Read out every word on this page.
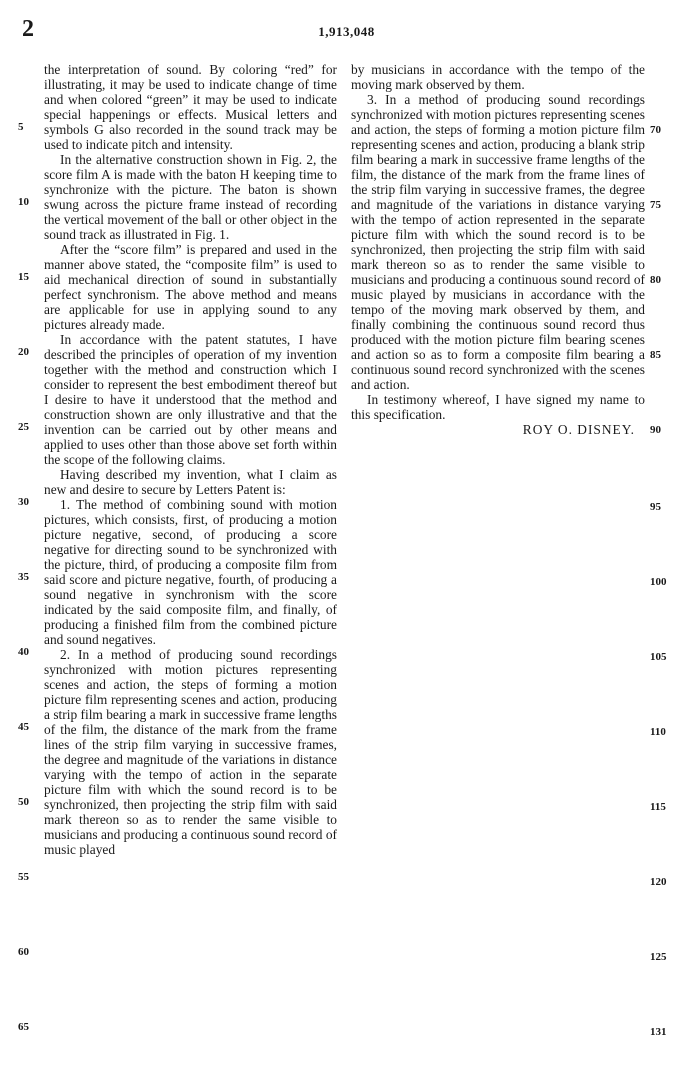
2	1,913,048

the interpretation of sound. By coloring “red” for illustrating, it may be used to indicate change of time and when colored “green” it may be used to indicate special happenings or effects. Musical letters and symbols G also recorded in the sound track may be used to indicate pitch and intensity.

In the alternative construction shown in Fig. 2, the score film A is made with the baton H keeping time to synchronize with the picture. The baton is shown swung across the picture frame instead of recording the vertical movement of the ball or other object in the sound track as illustrated in Fig. 1.

After the “score film” is prepared and used in the manner above stated, the “composite film” is used to aid mechanical direction of sound in substantially perfect synchronism. The above method and means are applicable for use in applying sound to any pictures already made.

In accordance with the patent statutes, I have described the principles of operation of my invention together with the method and construction which I consider to represent the best embodiment thereof but I desire to have it understood that the method and construction shown are only illustrative and that the invention can be carried out by other means and applied to uses other than those above set forth within the scope of the following claims.

Having described my invention, what I claim as new and desire to secure by Letters Patent is:

1. The method of combining sound with motion pictures, which consists, first, of producing a motion picture negative, second, of producing a score negative for directing sound to be synchronized with the picture, third, of producing a composite film from said score and picture negative, fourth, of producing a sound negative in synchronism with the score indicated by the said composite film, and finally, of producing a finished film from the combined picture and sound negatives.

2. In a method of producing sound recordings synchronized with motion pictures representing scenes and action, the steps of forming a motion picture film representing scenes and action, producing a strip film bearing a mark in successive frame lengths of the film, the distance of the mark from the frame lines of the strip film varying in successive frames, the degree and magnitude of the variations in distance varying with the tempo of action in the separate picture film with which the sound record is to be synchronized, then projecting the strip film with said mark thereon so as to render the same visible to musicians and producing a continuous sound record of music played

by musicians in accordance with the tempo of the moving mark observed by them.

3. In a method of producing sound recordings synchronized with motion pictures representing scenes and action, the steps of forming a motion picture film representing scenes and action, producing a blank strip film bearing a mark in successive frame lengths of the film, the distance of the mark from the frame lines of the strip film varying in successive frames, the degree and magnitude of the variations in distance varying with the tempo of action represented in the separate picture film with which the sound record is to be synchronized, then projecting the strip film with said mark thereon so as to render the same visible to musicians and producing a continuous sound record of music played by musicians in accordance with the tempo of the moving mark observed by them, and finally combining the continuous sound record thus produced with the motion picture film bearing scenes and action so as to form a composite film bearing a continuous sound record synchronized with the scenes and action.

In testimony whereof, I have signed my name to this specification.

ROY O. DISNEY.

5
10
15
20
25
30
35
40
45
50
55
60
65
70
75
80
85
90
95
100
105
110
115
120
125
131
